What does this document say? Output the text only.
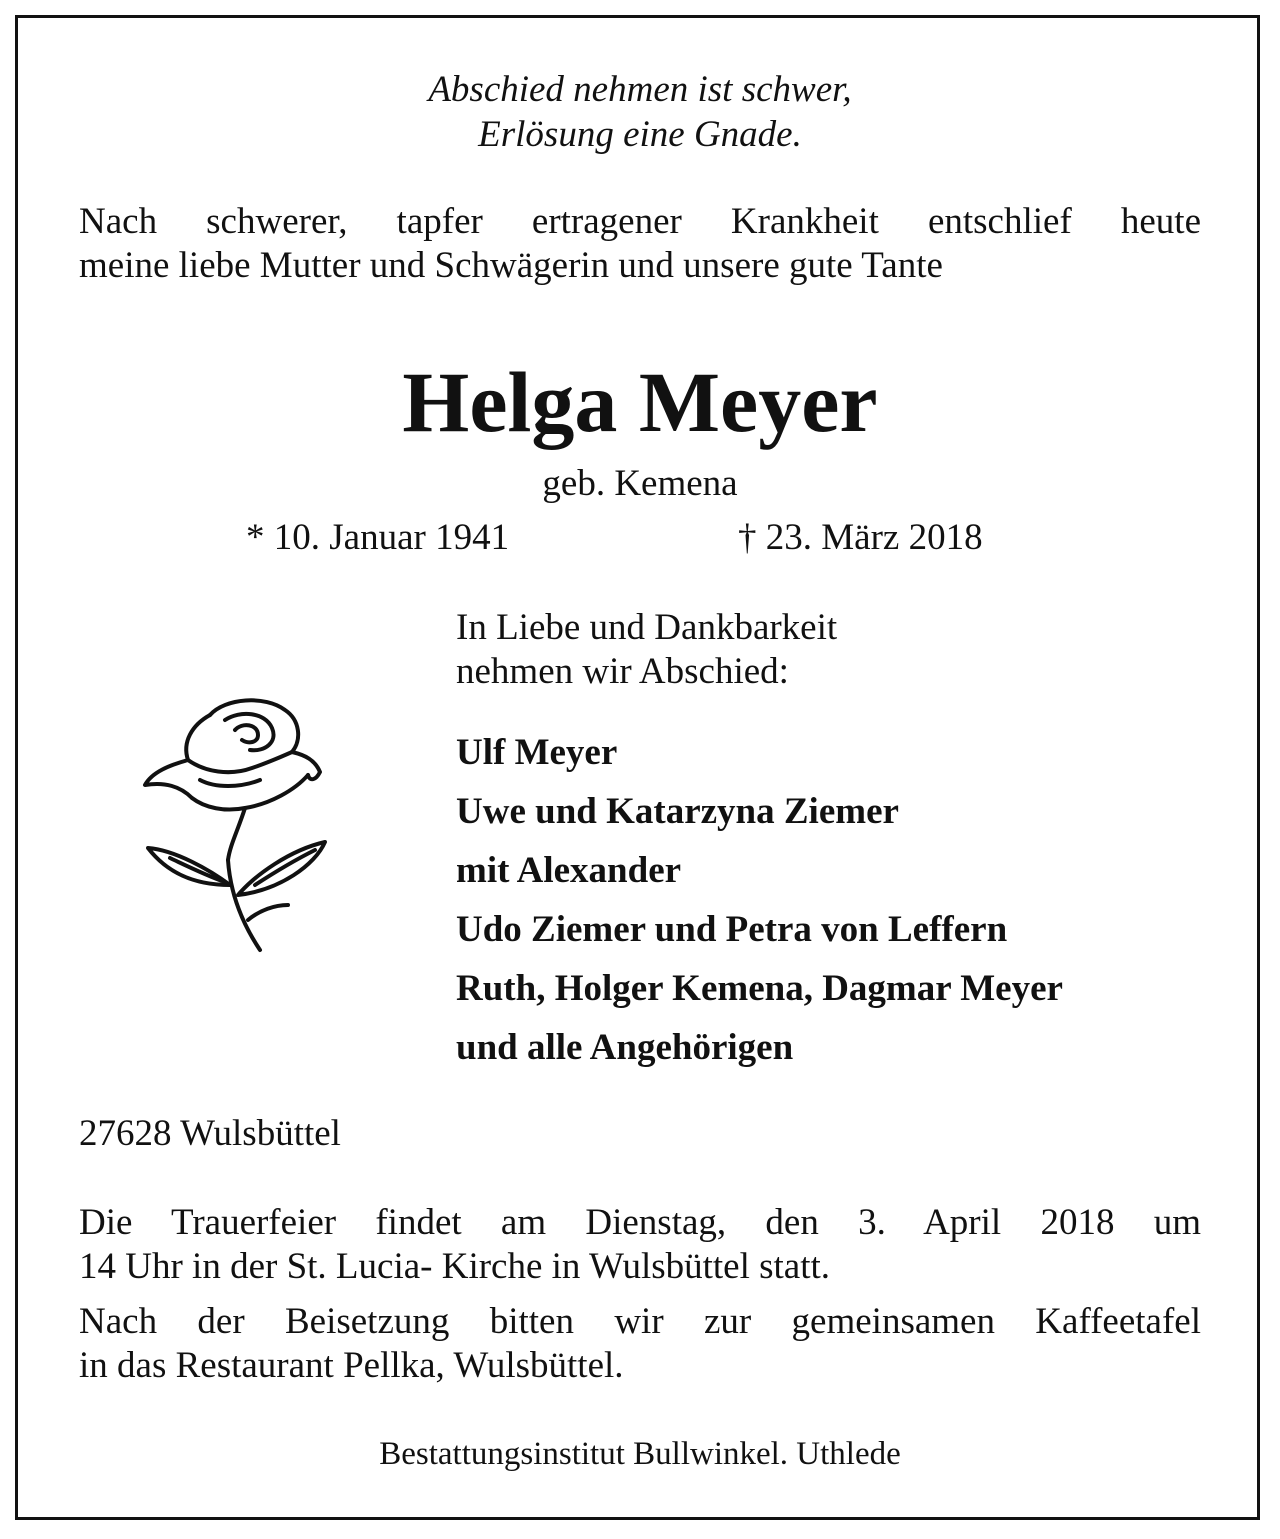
Abschied nehmen ist schwer,
Erlösung eine Gnade.
Nach schwerer, tapfer ertragener Krankheit entschlief heute
meine liebe Mutter und Schwägerin und unsere gute Tante
Helga Meyer
geb. Kemena
* 10. Januar 1941	† 23. März 2018
In Liebe und Dankbarkeit
nehmen wir Abschied:
Ulf Meyer
Uwe und Katarzyna Ziemer
mit Alexander
Udo Ziemer und Petra von Leffern
Ruth, Holger Kemena, Dagmar Meyer
und alle Angehörigen
27628 Wulsbüttel
Die Trauerfeier findet am Dienstag, den 3. April 2018 um
14 Uhr in der St. Lucia- Kirche in Wulsbüttel statt.
Nach der Beisetzung bitten wir zur gemeinsamen Kaffeetafel
in das Restaurant Pellka, Wulsbüttel.
Bestattungsinstitut Bullwinkel. Uthlede
